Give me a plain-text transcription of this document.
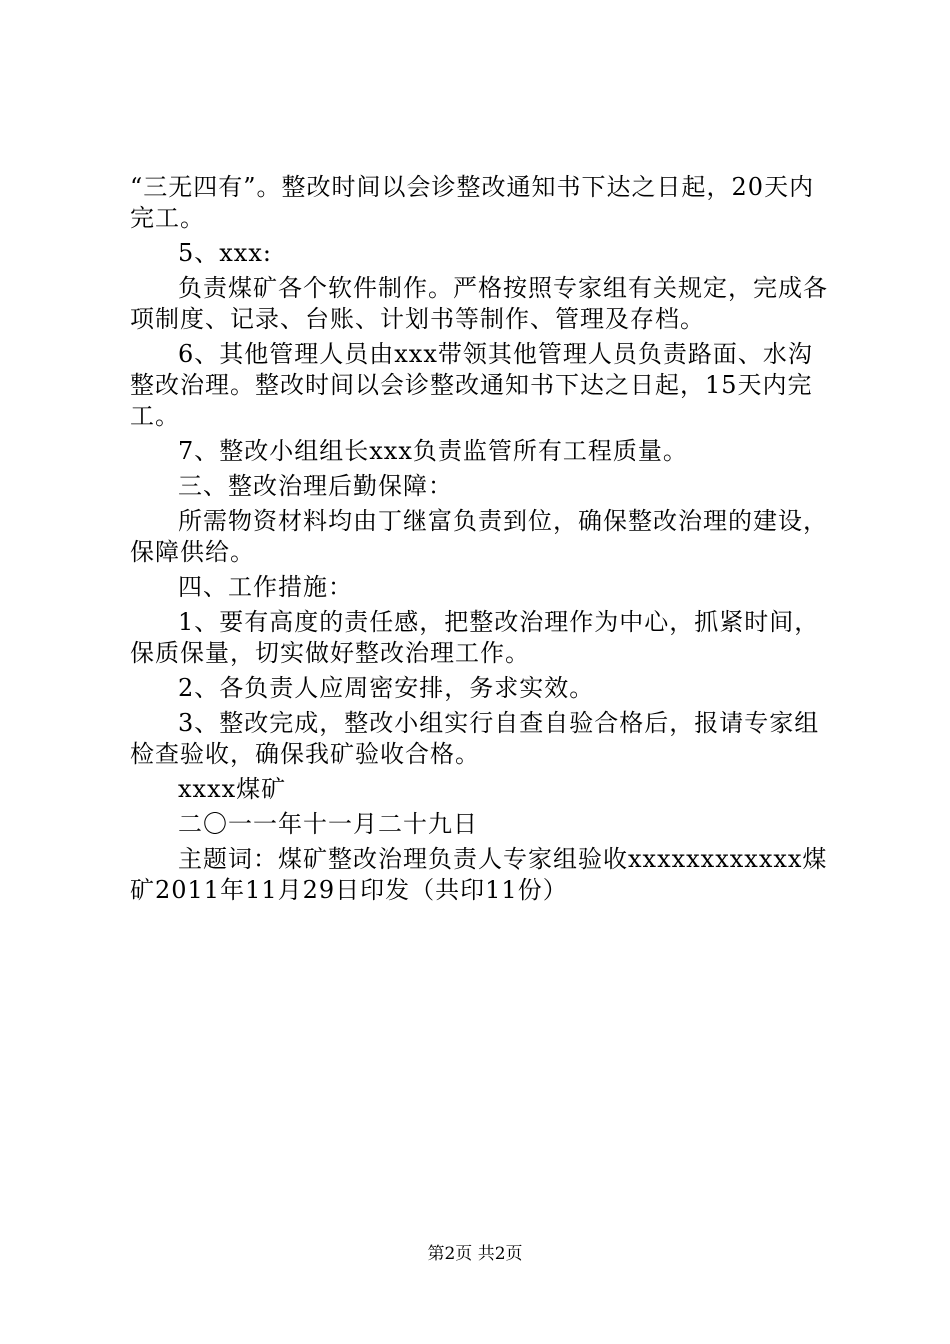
“三无四有”。整改时间以会诊整改通知书下达之日起，20天内完工。

5、xxx:

负责煤矿各个软件制作。严格按照专家组有关规定，完成各项制度、记录、台账、计划书等制作、管理及存档。

6、其他管理人员由xxx带领其他管理人员负责路面、水沟整改治理。整改时间以会诊整改通知书下达之日起，15天内完工。

7、整改小组组长xxx负责监管所有工程质量。

三、整改治理后勤保障：

所需物资材料均由丁继富负责到位，确保整改治理的建设，保障供给。

四、工作措施：

1、要有高度的责任感，把整改治理作为中心，抓紧时间，保质保量，切实做好整改治理工作。

2、各负责人应周密安排，务求实效。

3、整改完成，整改小组实行自查自验合格后，报请专家组检查验收，确保我矿验收合格。

xxxx煤矿

二〇一一年十一月二十九日

主题词：煤矿整改治理负责人专家组验收xxxxxxxxxxxx煤矿2011年11月29日印发（共印11份）

第2页 共2页
